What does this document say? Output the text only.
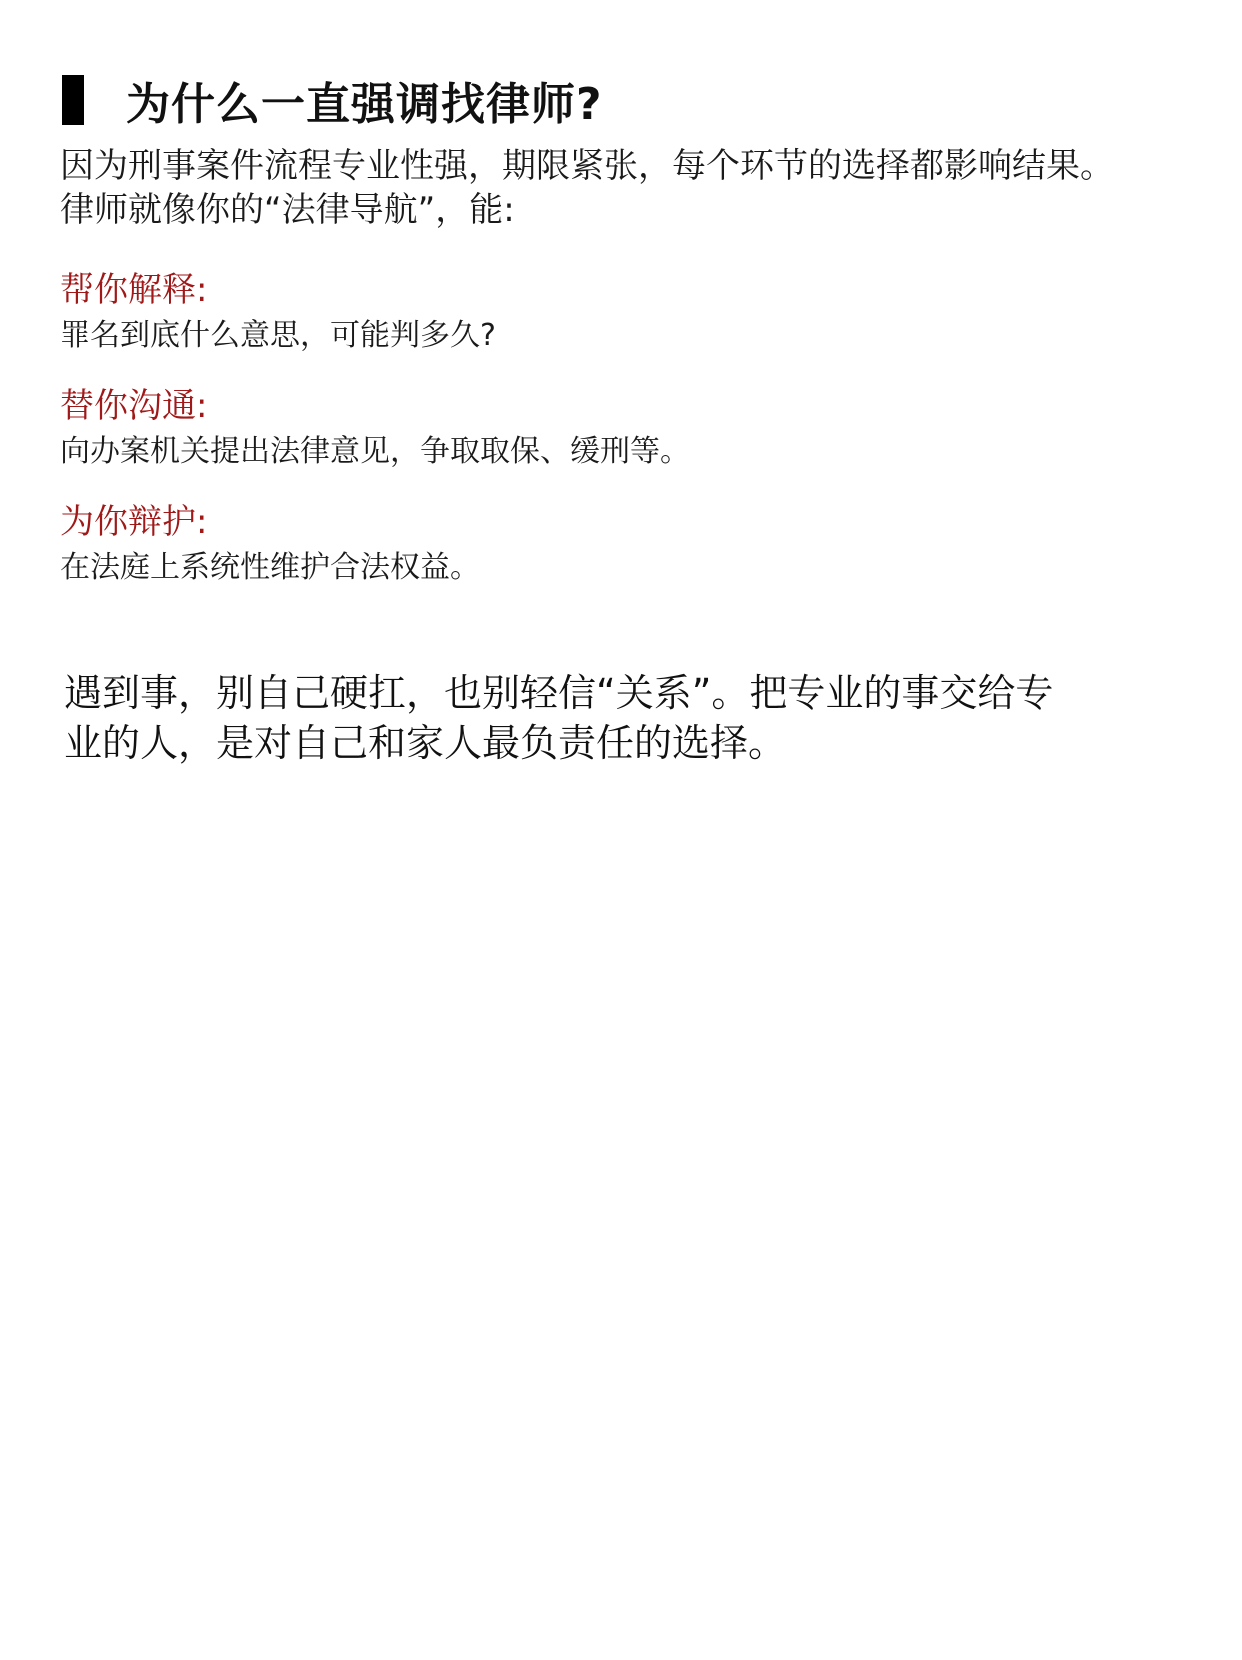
为什么一直强调找律师?
因为刑事案件流程专业性强，期限紧张，每个环节的选择都影响结果。
律师就像你的“法律导航”，能:
帮你解释:
罪名到底什么意思，可能判多久?
替你沟通:
向办案机关提出法律意见，争取取保、缓刑等。
为你辩护:
在法庭上系统性维护合法权益。
遇到事，别自己硬扛，也别轻信“关系”。把专业的事交给专
业的人，是对自己和家人最负责任的选择。
